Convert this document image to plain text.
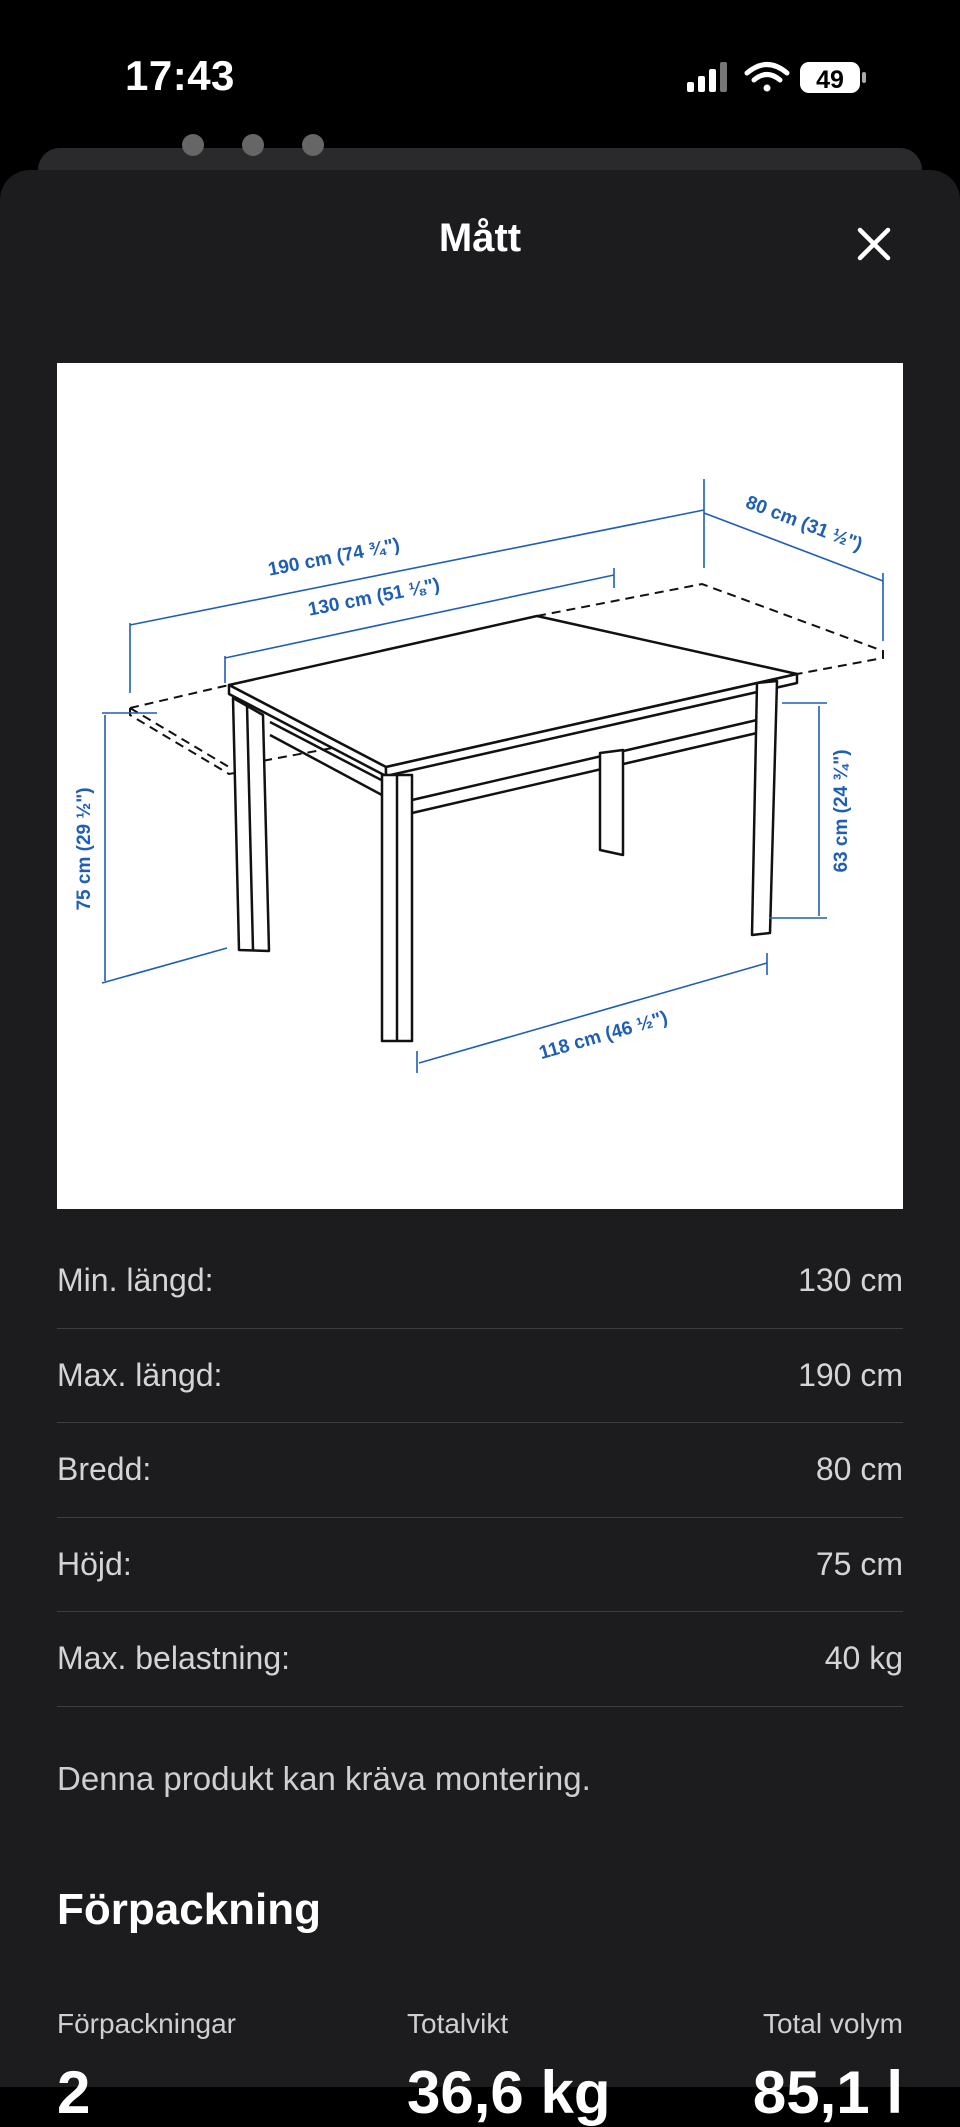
17:43	49
Mått
190 cm (74 ¾")
130 cm (51 ⅛")
80 cm (31 ½")
75 cm (29 ½")	63 cm (24 ¾")
118 cm (46 ½")
Min. längd:	130 cm
Max. längd:	190 cm
Bredd:	80 cm
Höjd:	75 cm
Max. belastning:	40 kg
Denna produkt kan kräva montering.
Förpackning
Förpackningar
2
Totalvikt
36,6 kg
Total volym
85,1 l
